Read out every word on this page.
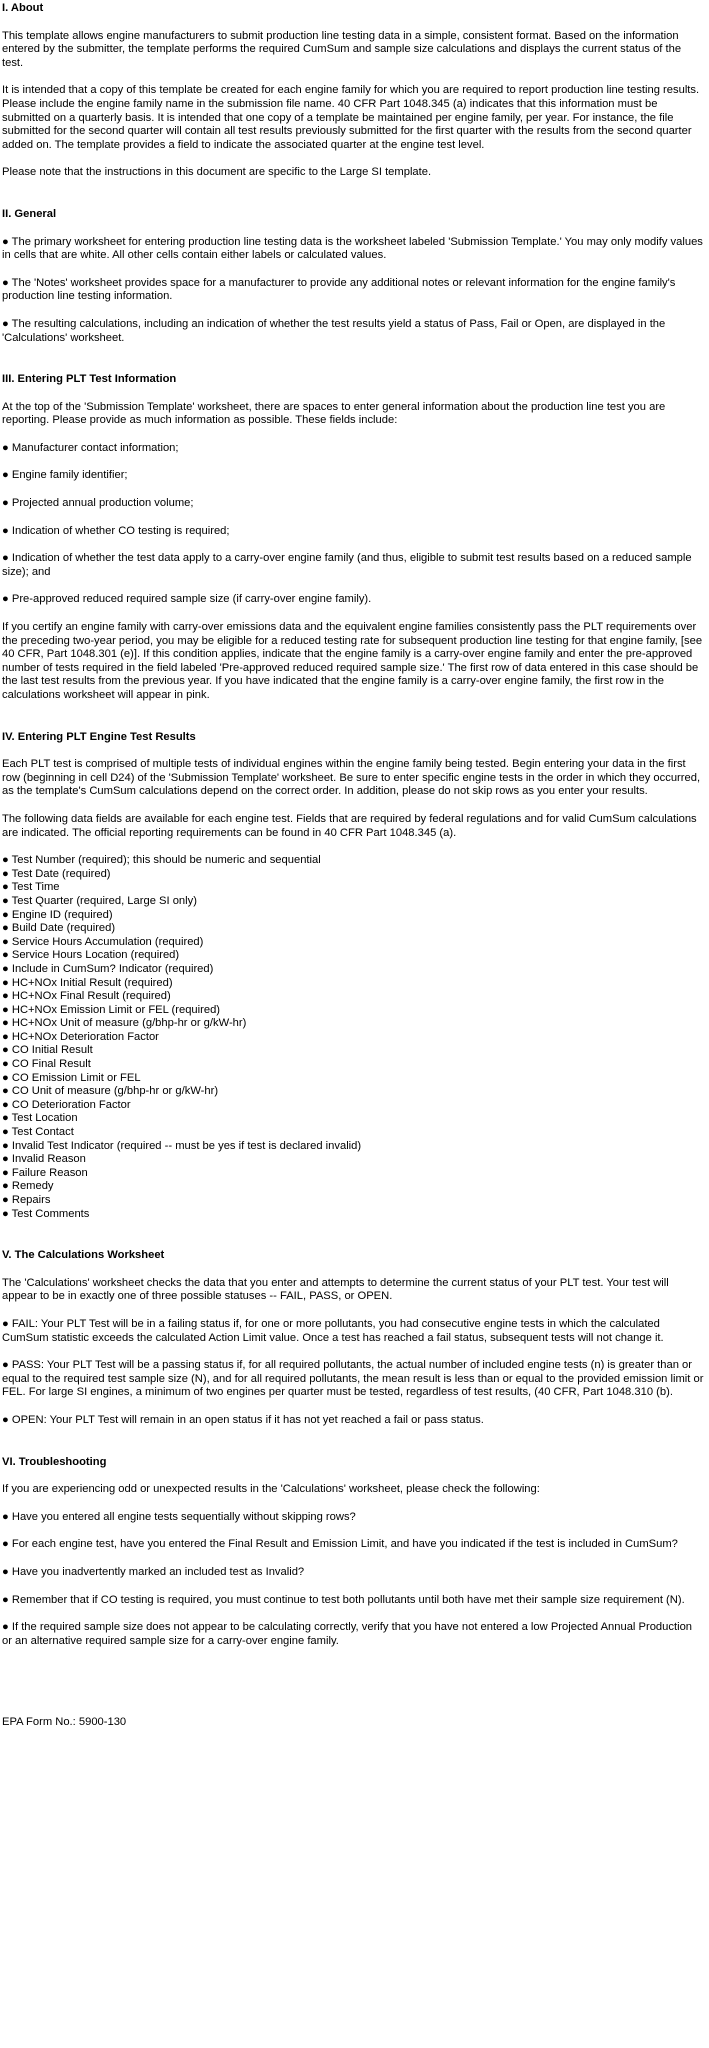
I. About
This template allows engine manufacturers to submit production line testing data in a simple, consistent format. Based on the information entered by the submitter, the template performs the required CumSum and sample size calculations and displays the current status of the test.
It is intended that a copy of this template be created for each engine family for which you are required to report production line testing results. Please include the engine family name in the submission file name. 40 CFR Part 1048.345 (a) indicates that this information must be submitted on a quarterly basis. It is intended that one copy of a template be maintained per engine family, per year. For instance, the file submitted for the second quarter will contain all test results previously submitted for the first quarter with the results from the second quarter added on. The template provides a field to indicate the associated quarter at the engine test level.
Please note that the instructions in this document are specific to the Large SI template.
II. General
● The primary worksheet for entering production line testing data is the worksheet labeled 'Submission Template.' You may only modify values in cells that are white. All other cells contain either labels or calculated values.
● The 'Notes' worksheet provides space for a manufacturer to provide any additional notes or relevant information for the engine family's production line testing information.
● The resulting calculations, including an indication of whether the test results yield a status of Pass, Fail or Open, are displayed in the 'Calculations' worksheet.
III. Entering PLT Test Information
At the top of the 'Submission Template' worksheet, there are spaces to enter general information about the production line test you are reporting. Please provide as much information as possible. These fields include:
● Manufacturer contact information;
● Engine family identifier;
● Projected annual production volume;
● Indication of whether CO testing is required;
● Indication of whether the test data apply to a carry-over engine family (and thus, eligible to submit test results based on a reduced sample size); and
● Pre-approved reduced required sample size (if carry-over engine family).
If you certify an engine family with carry-over emissions data and the equivalent engine families consistently pass the PLT requirements over the preceding two-year period, you may be eligible for a reduced testing rate for subsequent production line testing for that engine family, [see 40 CFR, Part 1048.301 (e)]. If this condition applies, indicate that the engine family is a carry-over engine family and enter the pre-approved number of tests required in the field labeled 'Pre-approved reduced required sample size.' The first row of data entered in this case should be the last test results from the previous year. If you have indicated that the engine family is a carry-over engine family, the first row in the calculations worksheet will appear in pink.
IV. Entering PLT Engine Test Results
Each PLT test is comprised of multiple tests of individual engines within the engine family being tested. Begin entering your data in the first row (beginning in cell D24) of the 'Submission Template' worksheet. Be sure to enter specific engine tests in the order in which they occurred, as the template's CumSum calculations depend on the correct order. In addition, please do not skip rows as you enter your results.
The following data fields are available for each engine test. Fields that are required by federal regulations and for valid CumSum calculations are indicated. The official reporting requirements can be found in 40 CFR Part 1048.345 (a).
● Test Number (required); this should be numeric and sequential
● Test Date (required)
● Test Time
● Test Quarter (required, Large SI only)
● Engine ID (required)
● Build Date (required)
● Service Hours Accumulation (required)
● Service Hours Location (required)
● Include in CumSum? Indicator (required)
● HC+NOx Initial Result (required)
● HC+NOx Final Result (required)
● HC+NOx Emission Limit or FEL (required)
● HC+NOx Unit of measure (g/bhp-hr or g/kW-hr)
● HC+NOx Deterioration Factor
● CO Initial Result
● CO Final Result
● CO Emission Limit or FEL
● CO Unit of measure (g/bhp-hr or g/kW-hr)
● CO Deterioration Factor
● Test Location
● Test Contact
● Invalid Test Indicator (required -- must be yes if test is declared invalid)
● Invalid Reason
● Failure Reason
● Remedy
● Repairs
● Test Comments
V. The Calculations Worksheet
The 'Calculations' worksheet checks the data that you enter and attempts to determine the current status of your PLT test. Your test will appear to be in exactly one of three possible statuses -- FAIL, PASS, or OPEN.
● FAIL: Your PLT Test will be in a failing status if, for one or more pollutants, you had consecutive engine tests in which the calculated CumSum statistic exceeds the calculated Action Limit value. Once a test has reached a fail status, subsequent tests will not change it.
● PASS: Your PLT Test will be a passing status if, for all required pollutants, the actual number of included engine tests (n) is greater than or equal to the required test sample size (N), and for all required pollutants, the mean result is less than or equal to the provided emission limit or FEL. For large SI engines, a minimum of two engines per quarter must be tested, regardless of test results, (40 CFR, Part 1048.310 (b).
● OPEN: Your PLT Test will remain in an open status if it has not yet reached a fail or pass status.
VI. Troubleshooting
If you are experiencing odd or unexpected results in the 'Calculations' worksheet, please check the following:
● Have you entered all engine tests sequentially without skipping rows?
● For each engine test, have you entered the Final Result and Emission Limit, and have you indicated if the test is included in CumSum?
● Have you inadvertently marked an included test as Invalid?
● Remember that if CO testing is required, you must continue to test both pollutants until both have met their sample size requirement (N).
● If the required sample size does not appear to be calculating correctly, verify that you have not entered a low Projected Annual Production or an alternative required sample size for a carry-over engine family.
EPA Form No.: 5900-130
